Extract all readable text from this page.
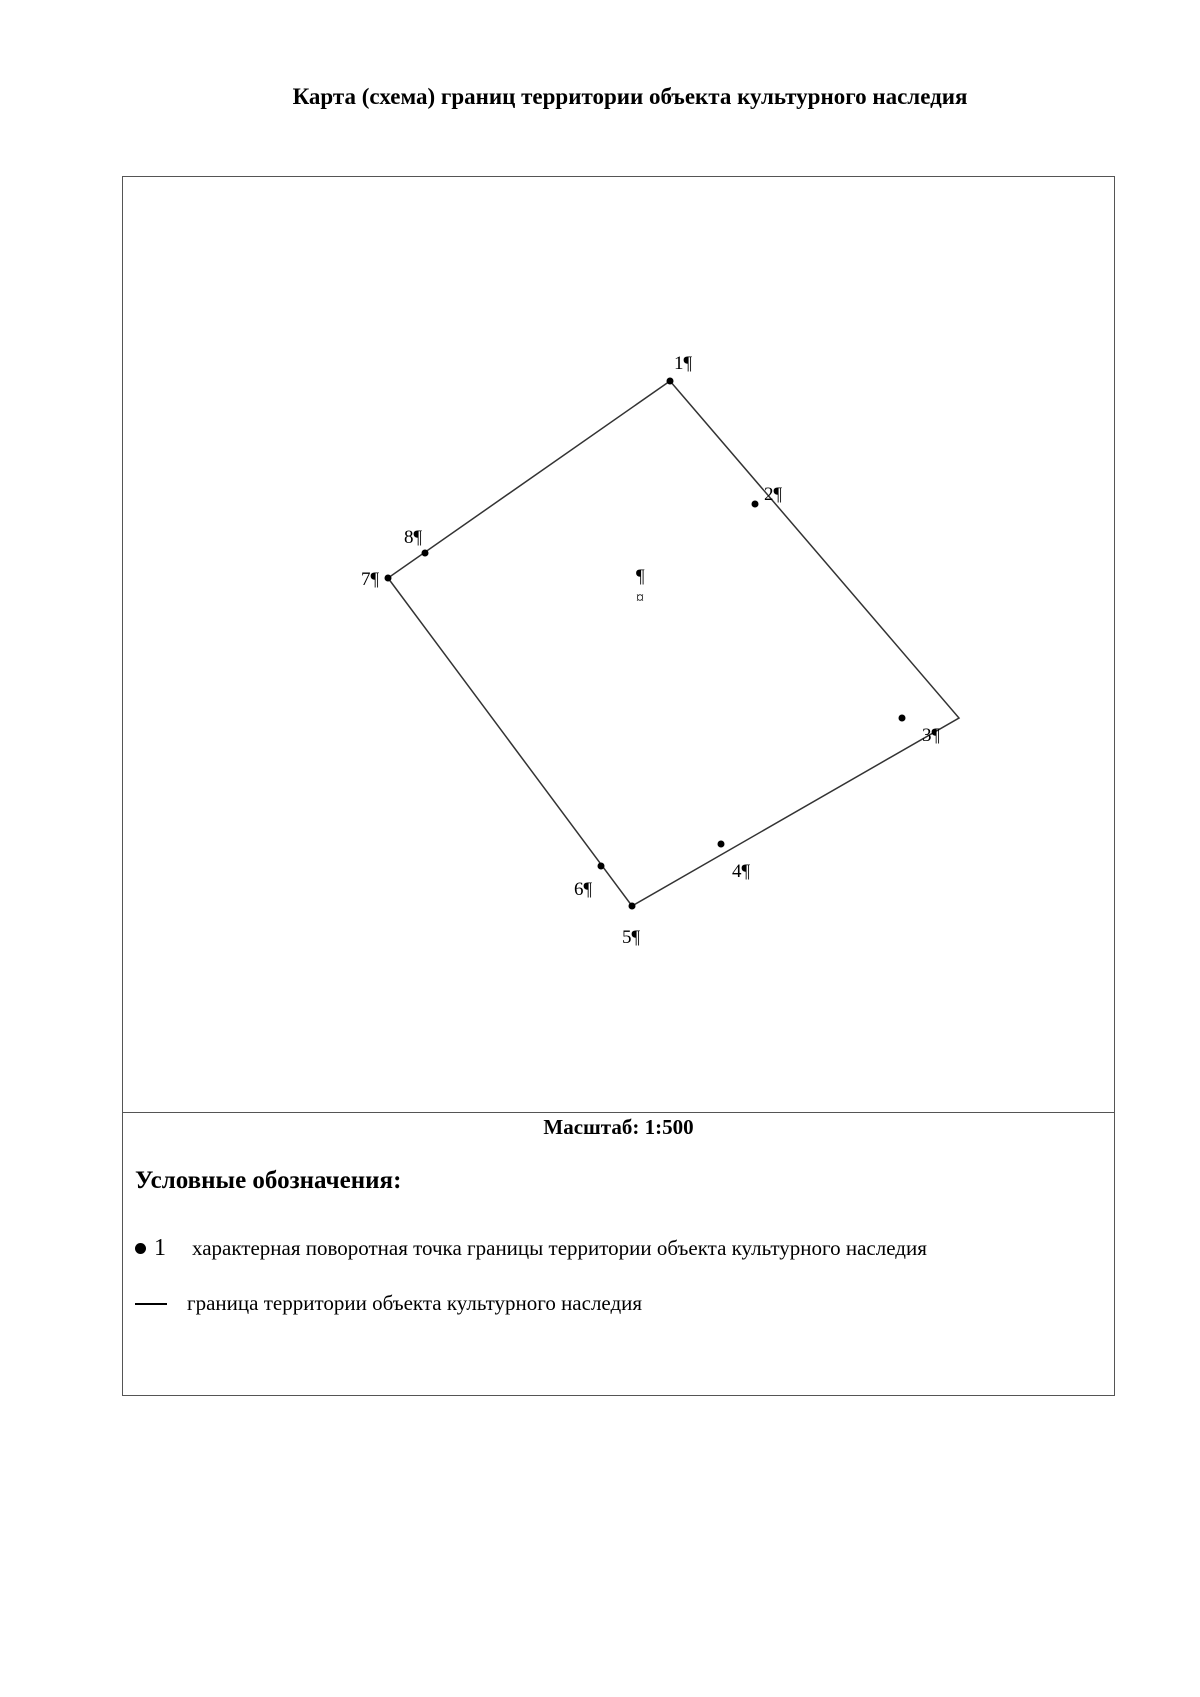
Карта (схема) границ территории объекта культурного наследия
1¶
2¶
3¶
4¶
5¶
6¶
7¶
8¶
¶
¤
Масштаб: 1:500
Условные обозначения:
1 характерная поворотная точка границы территории объекта культурного наследия
граница территории объекта культурного наследия
